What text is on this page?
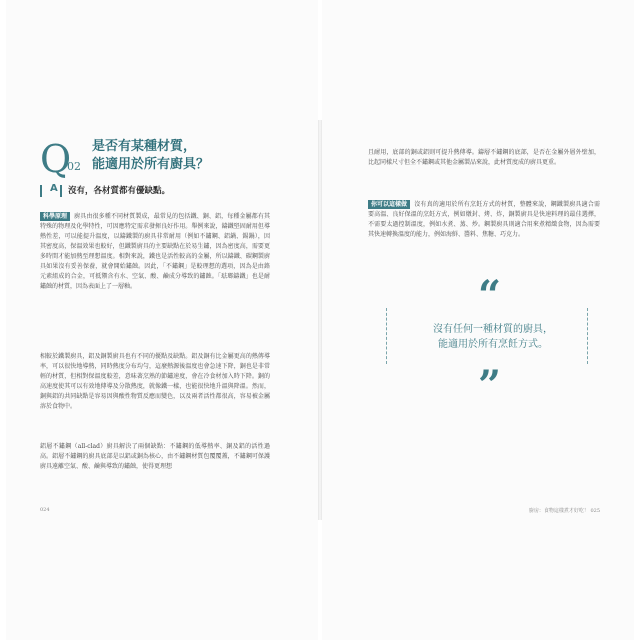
Q
02
是否有某種材質，
能適用於所有廚具？
A 沒有，各材質都有優缺點。

科學原理 廚具由很多種不同材質製成，最常見的包括鐵、銅、鋁，每種金屬都有其特殊的物理及化學特性，可因應特定需求發揮良好作用。舉例來說，鑄鐵堅固耐用但導熱性差，可以能提升溫度，以鑄鐵製的廚具非常耐用（例如不鏽鋼、鋁鍋、錫鍋），因其密度高，保溫效果也較好，但鐵製廚具的主要缺點在於易生鏽，因為密度高，需要更多時間才能加熱至理想溫度。相對來說，鐵也是活性較高的金屬，所以鑄鐵、碳鋼製廚具如果沒有妥善保養，就會開始鏽蝕。因此，「不鏽鋼」是較理想的選項，因為是由鉻元素組成的合金，可抵禦含有水、空氣、酸、鹼成分導致的鏽蝕。「琺瑯鑄鐵」也是耐鏽蝕的材質，因為表面上了一層釉。

相較於鐵製廚具，鋁及銅製廚具也有不同的優點及缺點。鋁及銅有比金屬更高的熱傳導率，可以很快地導熱，同時熱度分布均勻，這麼熱源後溫度也會急速下降，銅也是非常輕的材質，但相對保溫度較差，意味著烹熟的節鏽速度，會在冷食材加入時下降。銅的高速度使其可以有效地傳導及分散熱度，就像鐵一樣，也能很快地升溫與降溫。然而，銅與鋁的共同缺點是容易因與酸性物質反應而變色，以及兩者活性都很高，容易被金屬溶於食物中。

鋁層不鏽鋼（all-clad）廚具解決了兩個缺點：不鏽鋼的低導熱率、銅及鋁的活性過高。鋁層不鏽鋼的廚具底部是以鋁或銅為核心，由不鏽鋼材質包覆覆蓋，不鏽鋼可保護廚具遠離空氣、酸、鹼與導致的鏽蝕，使得更理想

024

且耐用，底部的銅或鋁則可提升熱傳導。鑄層不鏽鋼的底部，是否在金屬外層外壁加，比起同樣尺寸但全不鏽鋼或其他金屬製品來說，此材質度成的廚具更重。

你可以這樣做 沒有真的適用於所有烹飪方式的材質，整體來說，鋼鐵製廚具適合需要高溫、良好保溫的烹飪方式，例如燉封、烤、炸，銅製廚具是快速料理的最佳選擇，不需要太過控制溫度，例如水煮、蒸、炒。鋼製廚具則適合用來煮精緻食物，因為需要其快速轉換溫度的能力，例如海鮮、醬料、焦糖、巧克力。

“
沒有任何一種材質的廚具，
能適用於所有烹飪方式。
”
廚房：食物這樣煮才好吃！ 025
